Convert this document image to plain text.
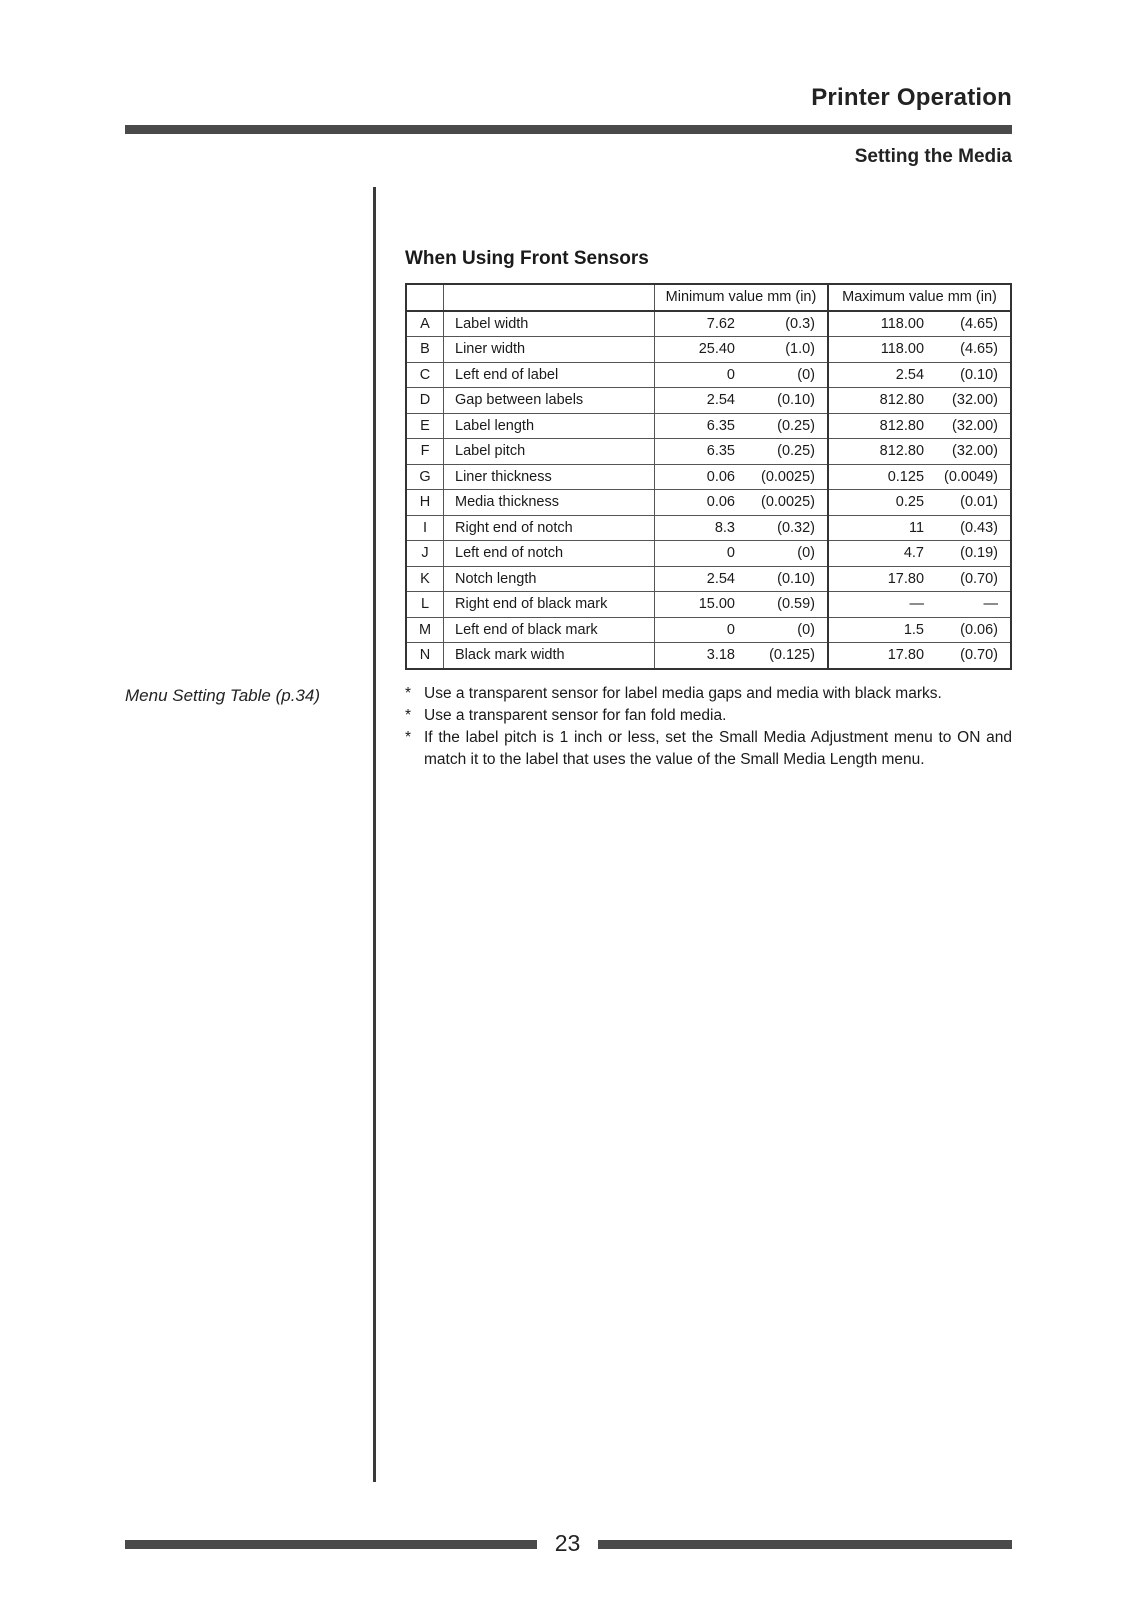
Printer Operation
Setting the Media
Menu Setting Table (p.34)
When Using Front Sensors
		Minimum value mm (in)		Maximum value mm (in)	
A	Label width	7.62	(0.3)	118.00	(4.65)
B	Liner width	25.40	(1.0)	118.00	(4.65)
C	Left end of label	0	(0)	2.54	(0.10)
D	Gap between labels	2.54	(0.10)	812.80	(32.00)
E	Label length	6.35	(0.25)	812.80	(32.00)
F	Label pitch	6.35	(0.25)	812.80	(32.00)
G	Liner thickness	0.06	(0.0025)	0.125	(0.0049)
H	Media thickness	0.06	(0.0025)	0.25	(0.01)
I	Right end of notch	8.3	(0.32)	11	(0.43)
J	Left end of notch	0	(0)	4.7	(0.19)
K	Notch length	2.54	(0.10)	17.80	(0.70)
L	Right end of black mark	15.00	(0.59)	—	—
M	Left end of black mark	0	(0)	1.5	(0.06)
N	Black mark width	3.18	(0.125)	17.80	(0.70)
* Use a transparent sensor for label media gaps and media with black marks.
* Use a transparent sensor for fan fold media.
* If the label pitch is 1 inch or less, set the Small Media Adjustment menu to ON and match it to the label that uses the value of the Small Media Length menu.
23
